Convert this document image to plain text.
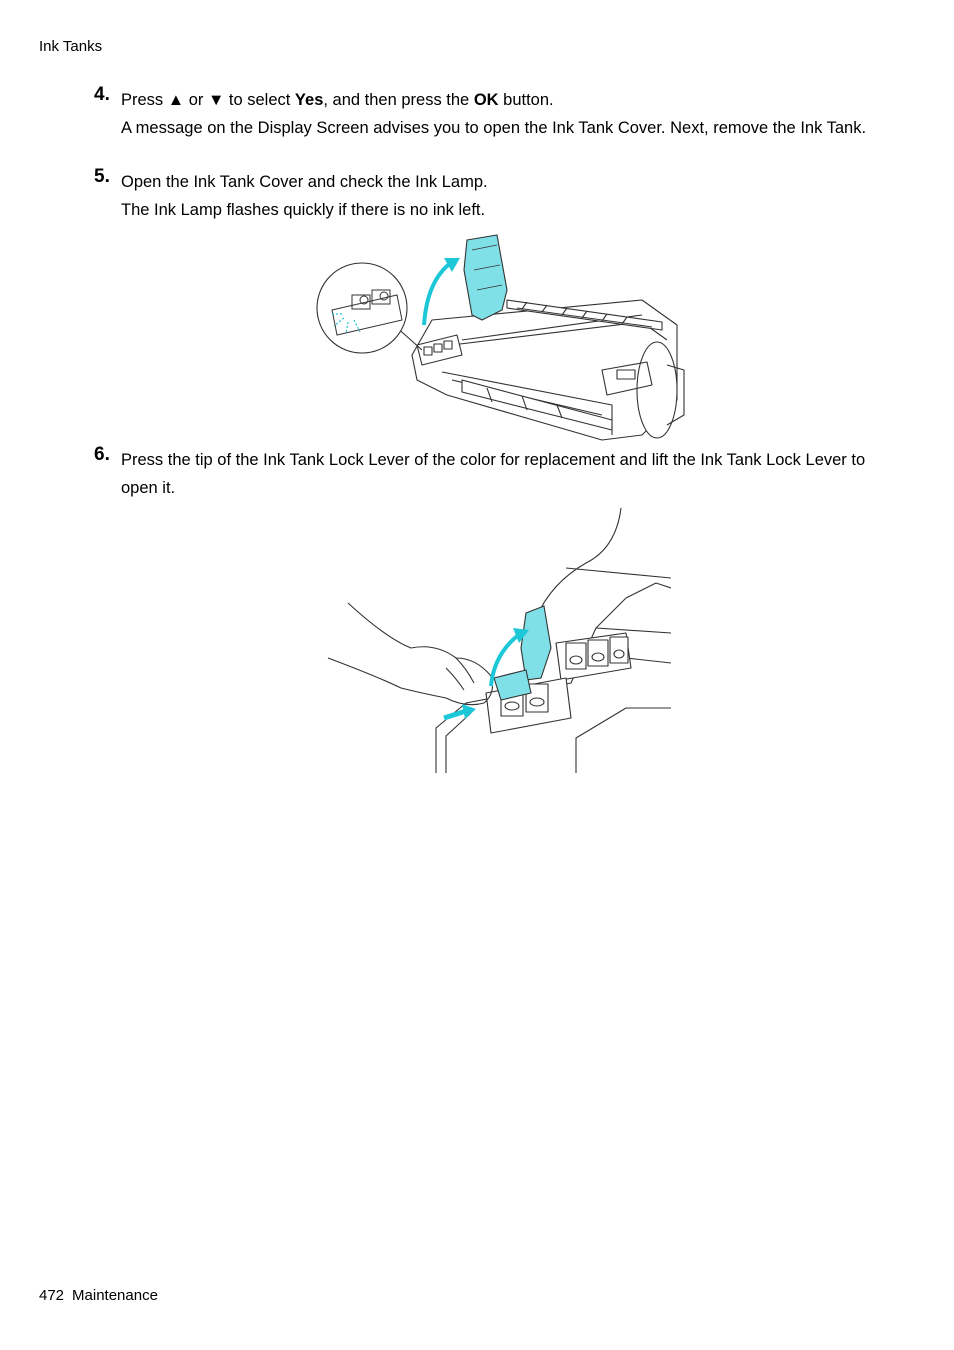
Ink Tanks
4. Press ▲ or ▼ to select Yes, and then press the OK button.

A message on the Display Screen advises you to open the Ink Tank Cover. Next, remove the Ink Tank.

5. Open the Ink Tank Cover and check the Ink Lamp.

The Ink Lamp flashes quickly if there is no ink left.

6. Press the tip of the Ink Tank Lock Lever of the color for replacement and lift the Ink Tank Lock Lever to open it.

472 Maintenance
